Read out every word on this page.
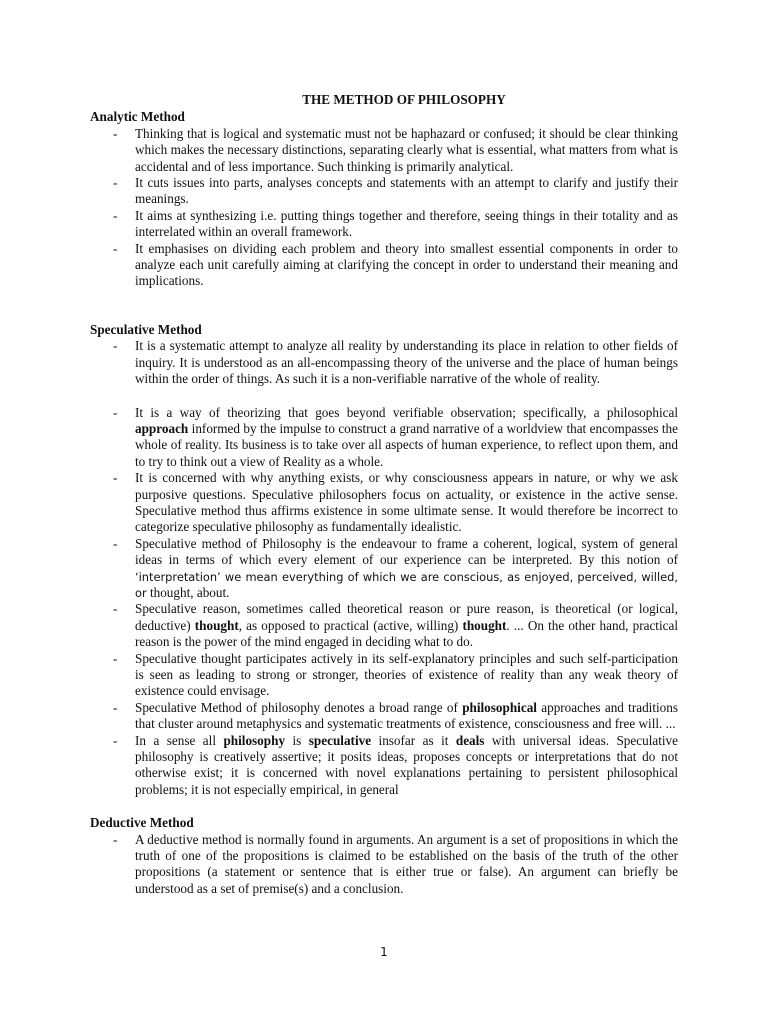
THE METHOD OF PHILOSOPHY
Analytic Method
- Thinking that is logical and systematic must not be haphazard or confused; it should be clear thinking which makes the necessary distinctions, separating clearly what is essential, what matters from what is accidental and of less importance. Such thinking is primarily analytical.
- It cuts issues into parts, analyses concepts and statements with an attempt to clarify and justify their meanings.
- It aims at synthesizing i.e. putting things together and therefore, seeing things in their totality and as interrelated within an overall framework.
- It emphasises on dividing each problem and theory into smallest essential components in order to analyze each unit carefully aiming at clarifying the concept in order to understand their meaning and implications.
Speculative Method
- It is a systematic attempt to analyze all reality by understanding its place in relation to other fields of inquiry. It is understood as an all-encompassing theory of the universe and the place of human beings within the order of things. As such it is a non-verifiable narrative of the whole of reality.
- It is a way of theorizing that goes beyond verifiable observation; specifically, a philosophical approach informed by the impulse to construct a grand narrative of a worldview that encompasses the whole of reality. Its business is to take over all aspects of human experience, to reflect upon them, and to try to think out a view of Reality as a whole.
- It is concerned with why anything exists, or why consciousness appears in nature, or why we ask purposive questions. Speculative philosophers focus on actuality, or existence in the active sense. Speculative method thus affirms existence in some ultimate sense. It would therefore be incorrect to categorize speculative philosophy as fundamentally idealistic.
- Speculative method of Philosophy is the endeavour to frame a coherent, logical, system of general ideas in terms of which every element of our experience can be interpreted. By this notion of ‘interpretation’ we mean everything of which we are conscious, as enjoyed, perceived, willed, or thought, about.
- Speculative reason, sometimes called theoretical reason or pure reason, is theoretical (or logical, deductive) thought, as opposed to practical (active, willing) thought. ... On the other hand, practical reason is the power of the mind engaged in deciding what to do.
- Speculative thought participates actively in its self-explanatory principles and such self-participation is seen as leading to strong or stronger, theories of existence of reality than any weak theory of existence could envisage.
- Speculative Method of philosophy denotes a broad range of philosophical approaches and traditions that cluster around metaphysics and systematic treatments of existence, consciousness and free will. ...
- In a sense all philosophy is speculative insofar as it deals with universal ideas. Speculative philosophy is creatively assertive; it posits ideas, proposes concepts or interpretations that do not otherwise exist; it is concerned with novel explanations pertaining to persistent philosophical problems; it is not especially empirical, in general
Deductive Method
- A deductive method is normally found in arguments. An argument is a set of propositions in which the truth of one of the propositions is claimed to be established on the basis of the truth of the other propositions (a statement or sentence that is either true or false). An argument can briefly be understood as a set of premise(s) and a conclusion.
1
